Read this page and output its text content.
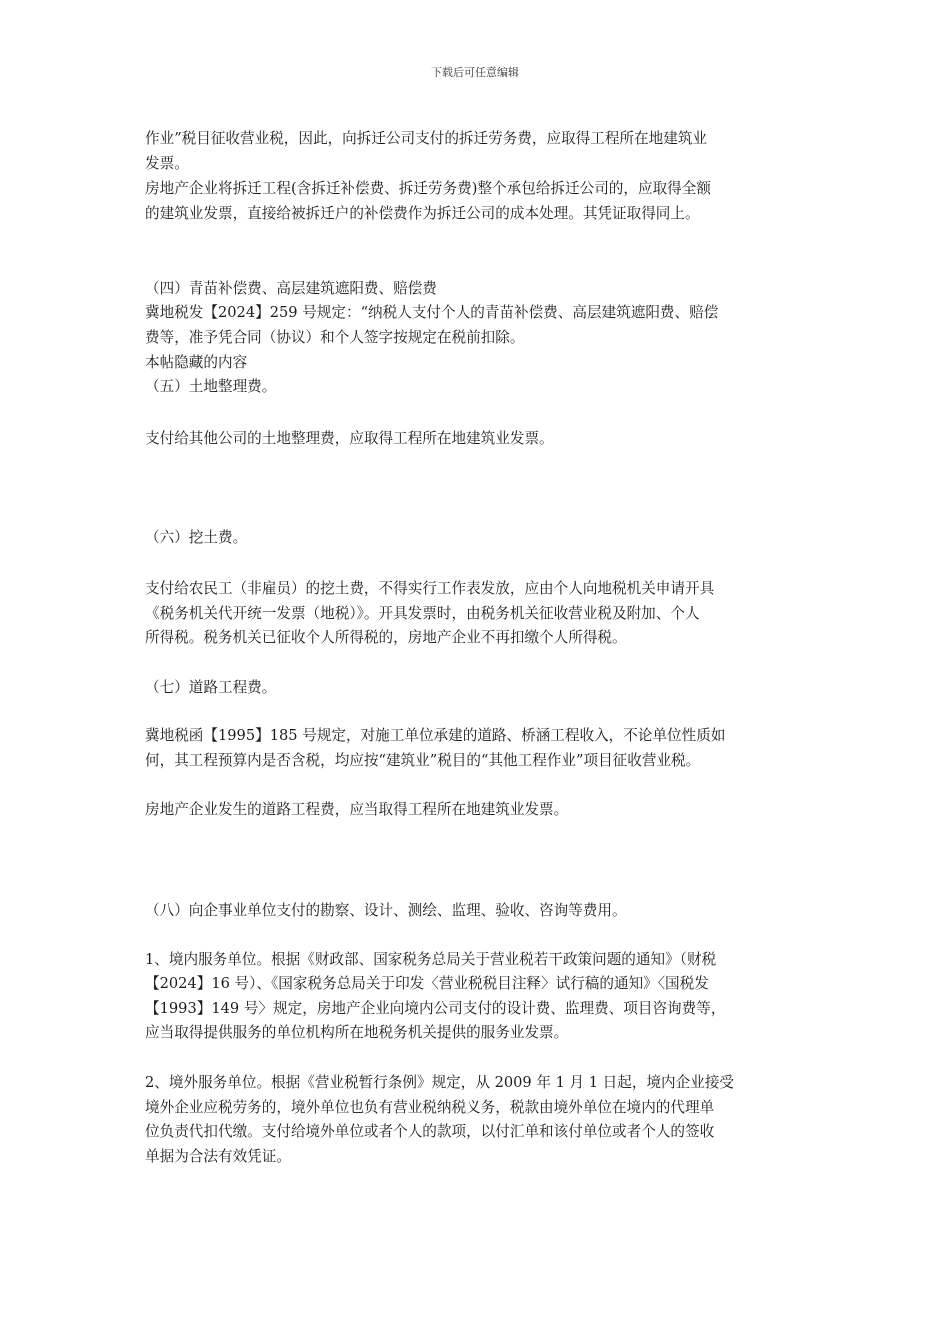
下载后可任意编辑
作业”税目征收营业税，因此，向拆迁公司支付的拆迁劳务费，应取得工程所在地建筑业
发票。
房地产企业将拆迁工程(含拆迁补偿费、拆迁劳务费)整个承包给拆迁公司的，应取得全额
的建筑业发票，直接给被拆迁户的补偿费作为拆迁公司的成本处理。其凭证取得同上。
（四）青苗补偿费、高层建筑遮阳费、赔偿费
冀地税发【2024】259 号规定：“纳税人支付个人的青苗补偿费、高层建筑遮阳费、赔偿
费等，准予凭合同（协议）和个人签字按规定在税前扣除。
本帖隐藏的内容
（五）土地整理费。
支付给其他公司的土地整理费，应取得工程所在地建筑业发票。
（六）挖土费。
支付给农民工（非雇员）的挖土费，不得实行工作表发放，应由个人向地税机关申请开具
《税务机关代开统一发票（地税）》。开具发票时，由税务机关征收营业税及附加、个人
所得税。税务机关已征收个人所得税的，房地产企业不再扣缴个人所得税。
（七）道路工程费。
冀地税函【1995】185 号规定，对施工单位承建的道路、桥涵工程收入，不论单位性质如
何，其工程预算内是否含税，均应按“建筑业”税目的“其他工程作业”项目征收营业税。
房地产企业发生的道路工程费，应当取得工程所在地建筑业发票。
（八）向企事业单位支付的勘察、设计、测绘、监理、验收、咨询等费用。
1、境内服务单位。根据《财政部、国家税务总局关于营业税若干政策问题的通知》（财税
【2024】16 号）、《国家税务总局关于印发〈营业税税目注释〉试行稿的通知》〈国税发
【1993】149 号〉规定，房地产企业向境内公司支付的设计费、监理费、项目咨询费等，
应当取得提供服务的单位机构所在地税务机关提供的服务业发票。
2、境外服务单位。根据《营业税暂行条例》规定，从 2009 年 1 月 1 日起，境内企业接受
境外企业应税劳务的，境外单位也负有营业税纳税义务，税款由境外单位在境内的代理单
位负责代扣代缴。支付给境外单位或者个人的款项，以付汇单和该付单位或者个人的签收
单据为合法有效凭证。
